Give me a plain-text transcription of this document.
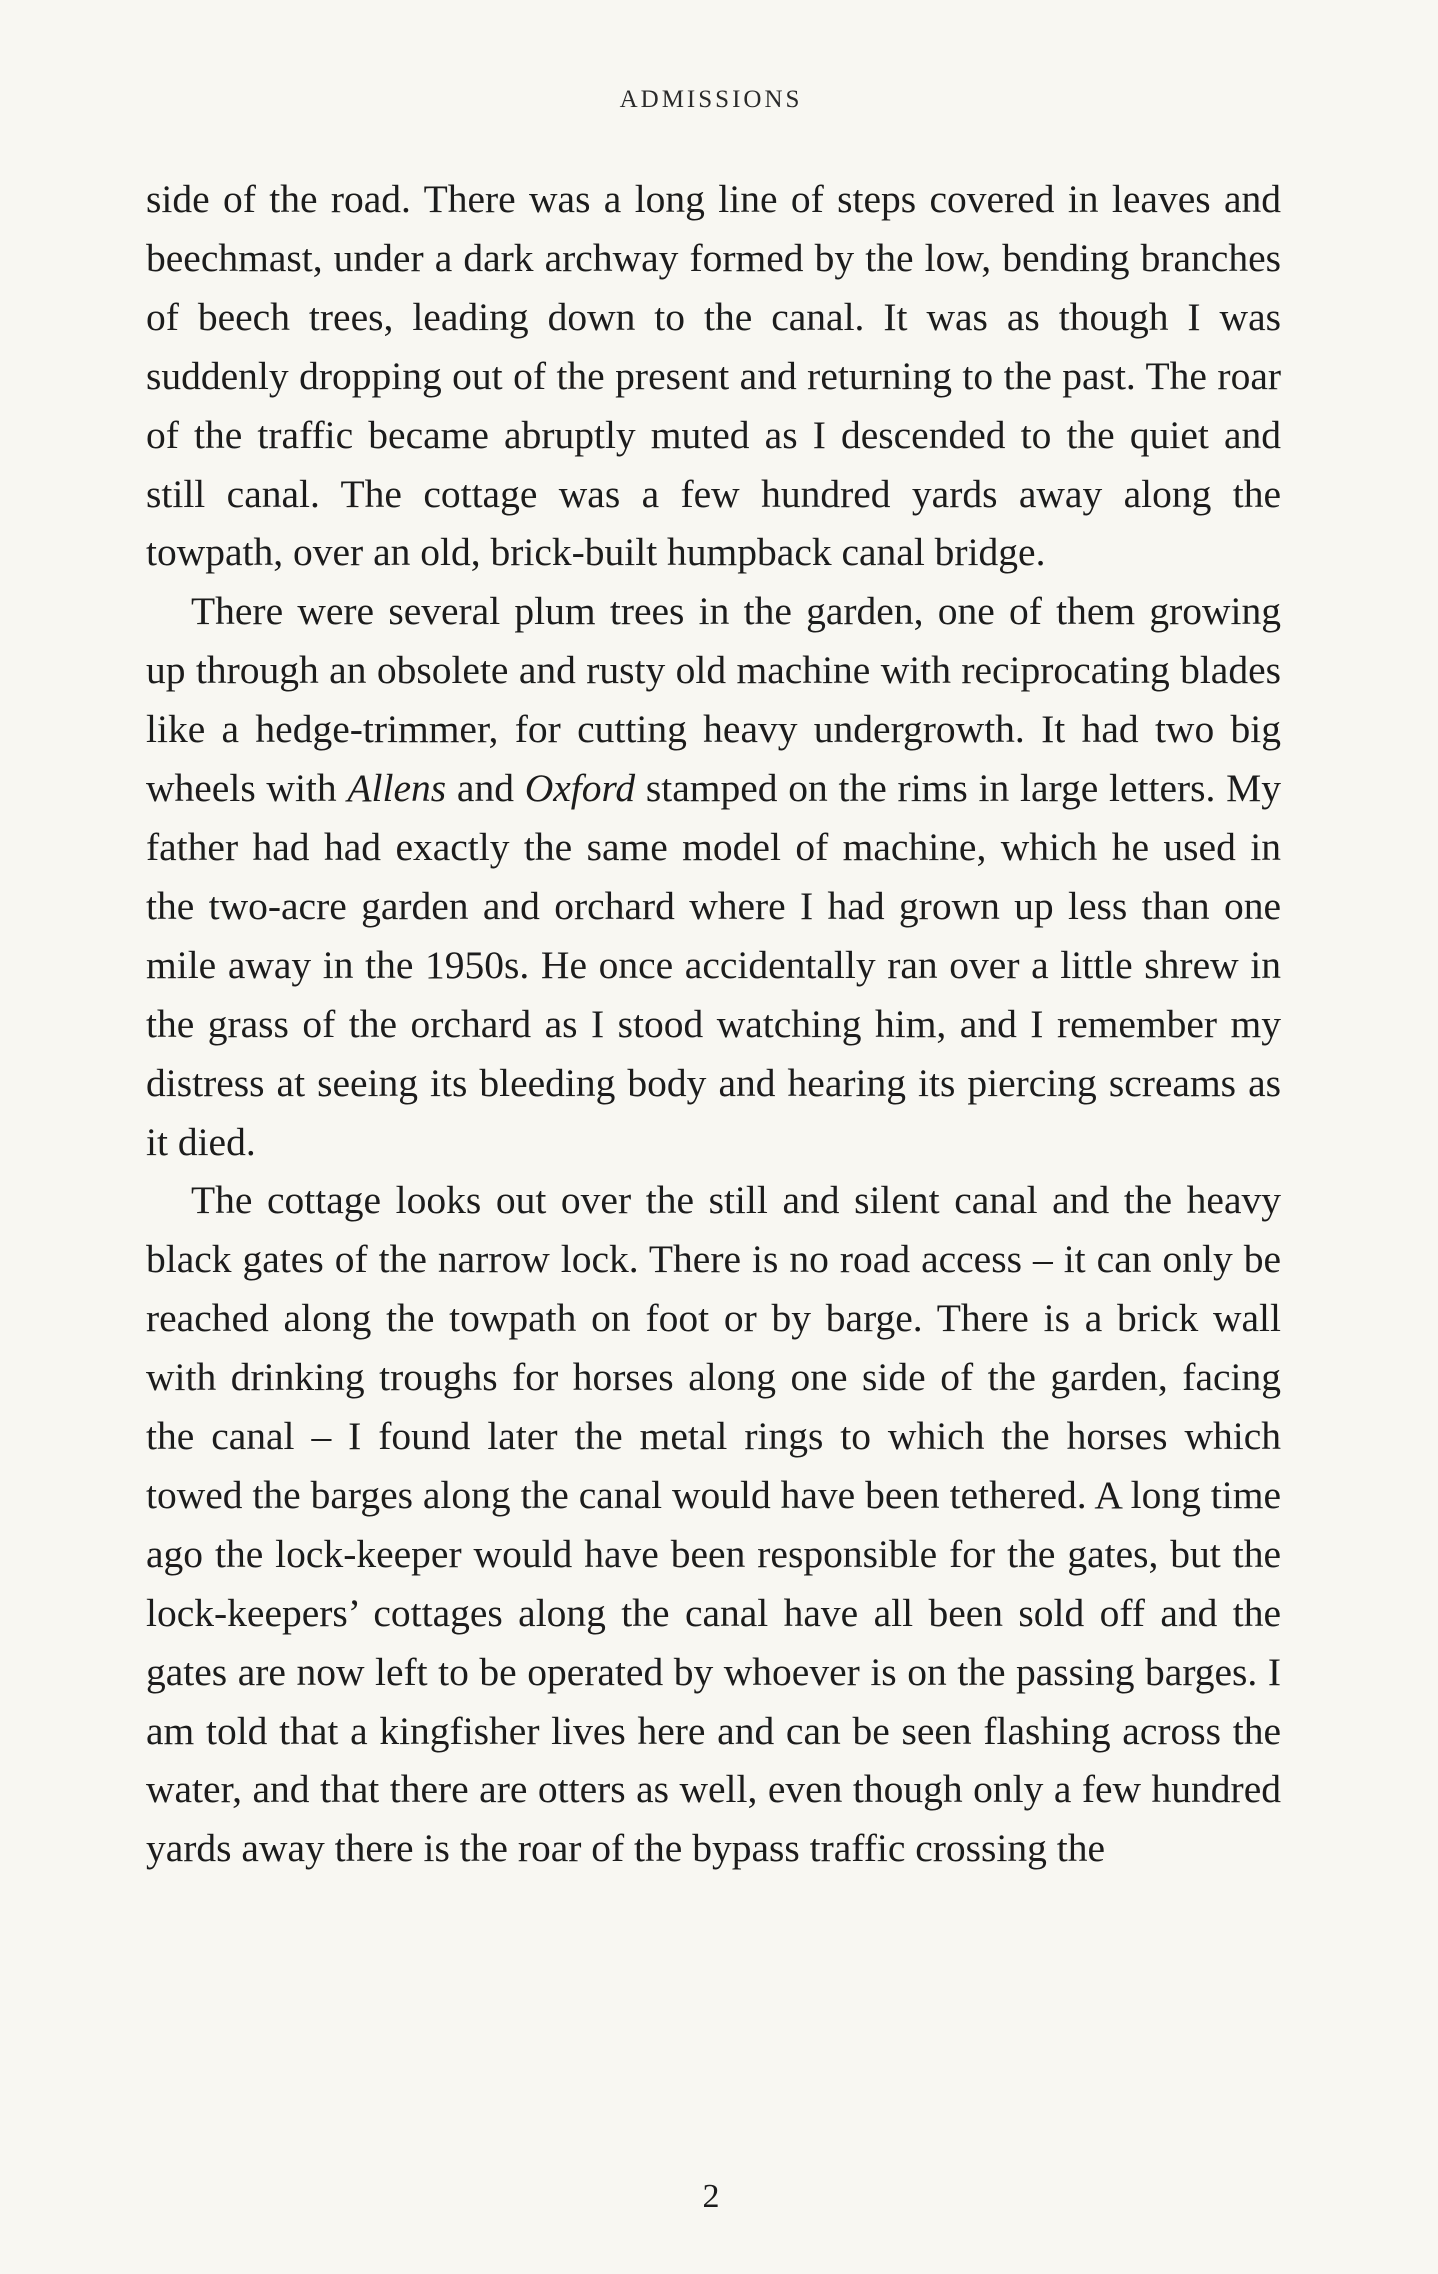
ADMISSIONS

side of the road. There was a long line of steps covered in leaves and beechmast, under a dark archway formed by the low, bending branches of beech trees, leading down to the canal. It was as though I was suddenly dropping out of the present and returning to the past. The roar of the traffic became abruptly muted as I descended to the quiet and still canal. The cottage was a few hundred yards away along the towpath, over an old, brick-built humpback canal bridge.

There were several plum trees in the garden, one of them growing up through an obsolete and rusty old machine with reciprocating blades like a hedge-trimmer, for cutting heavy undergrowth. It had two big wheels with Allens and Oxford stamped on the rims in large letters. My father had had exactly the same model of machine, which he used in the two-acre garden and orchard where I had grown up less than one mile away in the 1950s. He once accidentally ran over a little shrew in the grass of the orchard as I stood watching him, and I remember my distress at seeing its bleeding body and hearing its piercing screams as it died.

The cottage looks out over the still and silent canal and the heavy black gates of the narrow lock. There is no road access – it can only be reached along the towpath on foot or by barge. There is a brick wall with drinking troughs for horses along one side of the garden, facing the canal – I found later the metal rings to which the horses which towed the barges along the canal would have been tethered. A long time ago the lock-keeper would have been responsible for the gates, but the lock-keepers’ cottages along the canal have all been sold off and the gates are now left to be operated by whoever is on the passing barges. I am told that a kingfisher lives here and can be seen flashing across the water, and that there are otters as well, even though only a few hundred yards away there is the roar of the bypass traffic crossing the

2
